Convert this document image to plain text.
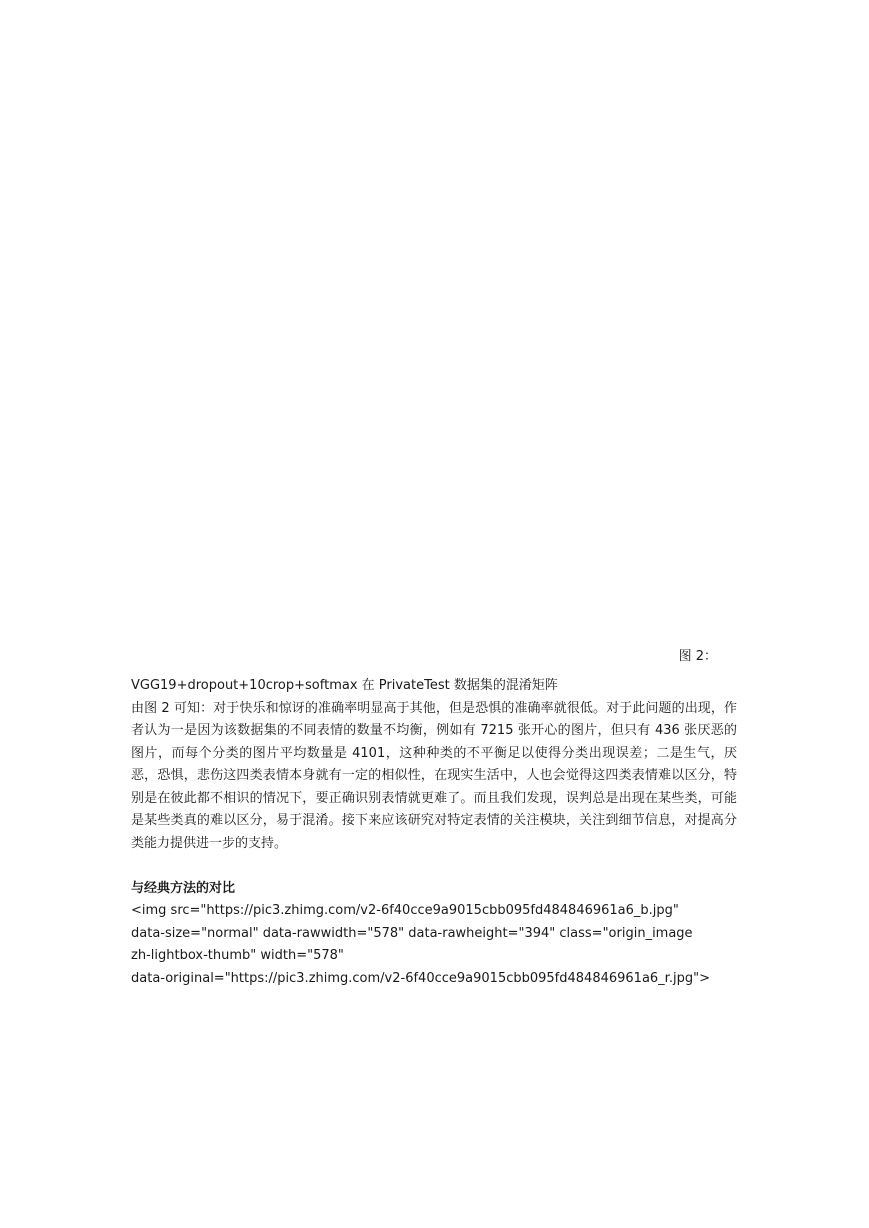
图 2：

VGG19+dropout+10crop+softmax 在 PrivateTest 数据集的混淆矩阵

由图 2 可知：对于快乐和惊讶的准确率明显高于其他，但是恐惧的准确率就很低。对于此问题的出现，作者认为一是因为该数据集的不同表情的数量不均衡，例如有 7215 张开心的图片，但只有 436 张厌恶的图片，而每个分类的图片平均数量是 4101，这种种类的不平衡足以使得分类出现误差；二是生气，厌恶，恐惧，悲伤这四类表情本身就有一定的相似性，在现实生活中，人也会觉得这四类表情难以区分，特别是在彼此都不相识的情况下，要正确识别表情就更难了。而且我们发现，误判总是出现在某些类，可能是某些类真的难以区分，易于混淆。接下来应该研究对特定表情的关注模块，关注到细节信息，对提高分类能力提供进一步的支持。

与经典方法的对比

<img src="https://pic3.zhimg.com/v2-6f40cce9a9015cbb095fd484846961a6_b.jpg"

data-size="normal" data-rawwidth="578" data-rawheight="394" class="origin_image

zh-lightbox-thumb" width="578"

data-original="https://pic3.zhimg.com/v2-6f40cce9a9015cbb095fd484846961a6_r.jpg">
